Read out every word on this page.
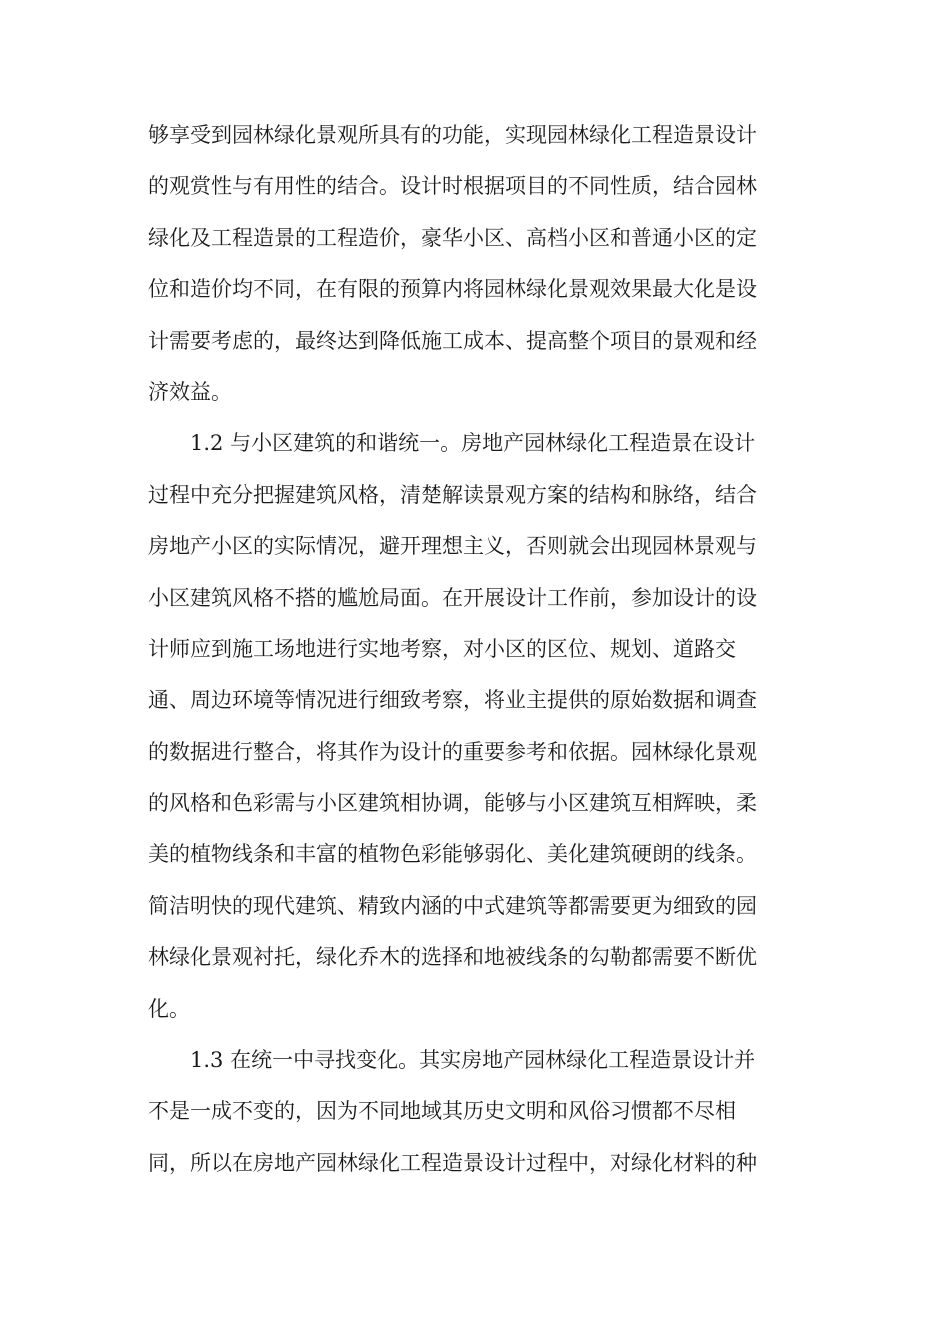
够享受到园林绿化景观所具有的功能，实现园林绿化工程造景设计
的观赏性与有用性的结合。设计时根据项目的不同性质，结合园林
绿化及工程造景的工程造价，豪华小区、高档小区和普通小区的定
位和造价均不同，在有限的预算内将园林绿化景观效果最大化是设
计需要考虑的，最终达到降低施工成本、提高整个项目的景观和经
济效益。
1.2 与小区建筑的和谐统一。房地产园林绿化工程造景在设计
过程中充分把握建筑风格，清楚解读景观方案的结构和脉络，结合
房地产小区的实际情况，避开理想主义，否则就会出现园林景观与
小区建筑风格不搭的尴尬局面。在开展设计工作前，参加设计的设
计师应到施工场地进行实地考察，对小区的区位、规划、道路交
通、周边环境等情况进行细致考察，将业主提供的原始数据和调查
的数据进行整合，将其作为设计的重要参考和依据。园林绿化景观
的风格和色彩需与小区建筑相协调，能够与小区建筑互相辉映，柔
美的植物线条和丰富的植物色彩能够弱化、美化建筑硬朗的线条。
简洁明快的现代建筑、精致内涵的中式建筑等都需要更为细致的园
林绿化景观衬托，绿化乔木的选择和地被线条的勾勒都需要不断优
化。
1.3 在统一中寻找变化。其实房地产园林绿化工程造景设计并
不是一成不变的，因为不同地域其历史文明和风俗习惯都不尽相
同，所以在房地产园林绿化工程造景设计过程中，对绿化材料的种
